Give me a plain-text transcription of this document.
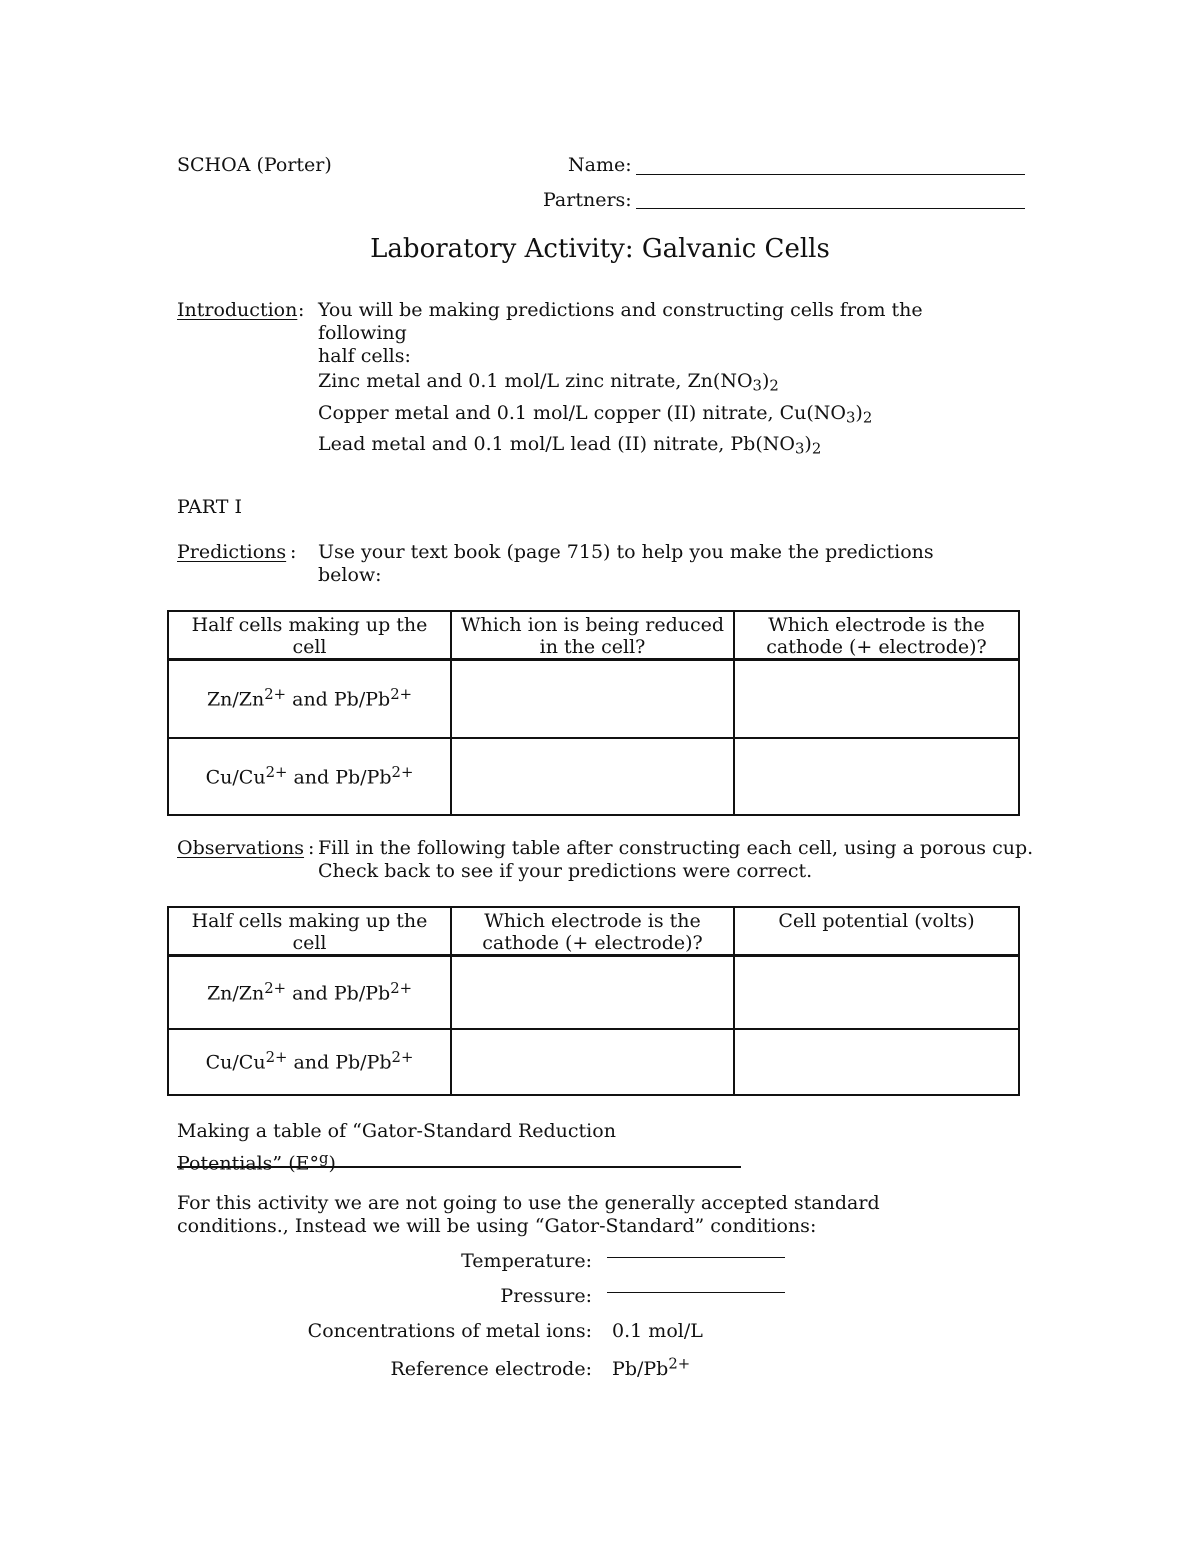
SCHOA (Porter)	Name:
Partners:
Laboratory Activity: Galvanic Cells
Introduction : You will be making predictions and constructing cells from the
following
half cells:
Zinc metal and 0.1 mol/L zinc nitrate, $Zn(NO_3)_2$
Copper metal and 0.1 mol/L copper (II) nitrate, $Cu(NO_3)_2$
Lead metal and 0.1 mol/L lead (II) nitrate, $Pb(NO_3)_2$
PART I
Predictions : Use your text book (page 715) to help you make the predictions
below:
Half cells making up the cell	Which ion is being reduced in the cell?	Which electrode is the cathode (+ electrode)?
$Zn/Zn^{2+}$ and $Pb/Pb^{2+}$		
$Cu/Cu^{2+}$ and $Pb/Pb^{2+}$		
Observations : Fill in the following table after constructing each cell, using a porous cup.
Check back to see if your predictions were correct.
Half cells making up the cell	Which electrode is the cathode (+ electrode)?	Cell potential (volts)
$Zn/Zn^{2+}$ and $Pb/Pb^{2+}$		
$Cu/Cu^{2+}$ and $Pb/Pb^{2+}$		
Making a table of “Gator-Standard Reduction
Potentials” (E°$^g$)
For this activity we are not going to use the generally accepted standard
conditions., Instead we will be using “Gator-Standard” conditions:
Temperature:
Pressure:
Concentrations of metal ions: 0.1 mol/L
Reference electrode: $Pb/Pb^{2+}$
